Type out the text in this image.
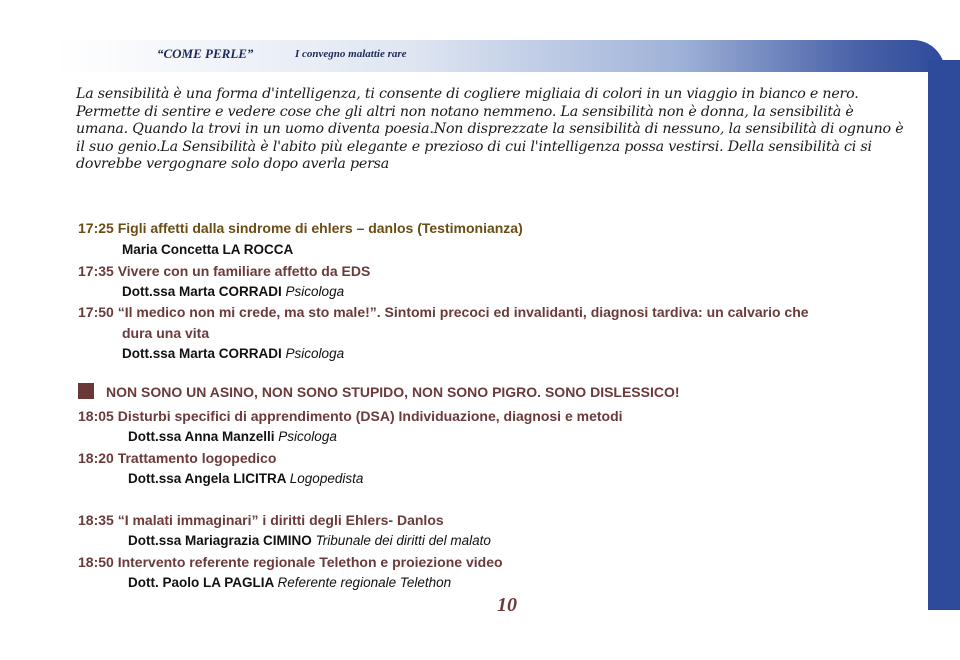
“COME PERLE”	I convegno malattie rare
La sensibilità è una forma d'intelligenza, ti consente di cogliere migliaia di colori in un viaggio in bianco e nero. Permette di sentire e vedere cose che gli altri non notano nemmeno. La sensibilità non è donna, la sensibilità è umana. Quando la trovi in un uomo diventa poesia.Non disprezzate la sensibilità di nessuno, la sensibilità di ognuno è il suo genio.La Sensibilità è l'abito più elegante e prezioso di cui l'intelligenza possa vestirsi. Della sensibilità ci si dovrebbe vergognare solo dopo averla persa
17:25 Figli affetti dalla sindrome di ehlers – danlos (Testimonianza)
Maria Concetta LA ROCCA
17:35 Vivere con un familiare affetto da EDS
Dott.ssa Marta CORRADI Psicologa
17:50 “Il medico non mi crede, ma sto male!”. Sintomi precoci ed invalidanti, diagnosi tardiva: un calvario che
dura una vita
Dott.ssa Marta CORRADI Psicologa
NON SONO UN ASINO, NON SONO STUPIDO, NON SONO PIGRO. SONO DISLESSICO!
18:05 Disturbi specifici di apprendimento (DSA) Individuazione, diagnosi e metodi
Dott.ssa Anna Manzelli Psicologa
18:20 Trattamento logopedico
Dott.ssa Angela LICITRA Logopedista
18:35 “I malati immaginari” i diritti degli Ehlers- Danlos
Dott.ssa Mariagrazia CIMINO Tribunale dei diritti del malato
18:50 Intervento referente regionale Telethon e proiezione video
Dott. Paolo LA PAGLIA Referente regionale Telethon
10
